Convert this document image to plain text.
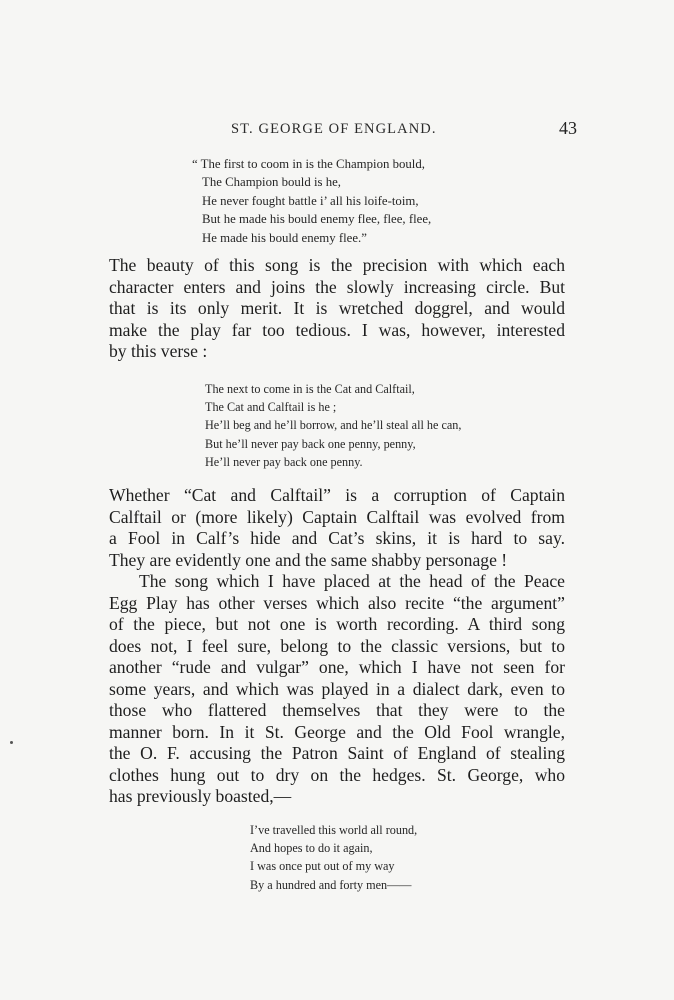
ST. GEORGE OF ENGLAND.	43
“ The first to coom in is the Champion bould,
The Champion bould is he,
He never fought battle i’ all his loife-toim,
But he made his bould enemy flee, flee, flee,
He made his bould enemy flee.”
The beauty of this song is the precision with which each
character enters and joins the slowly increasing circle. But
that is its only merit. It is wretched doggrel, and would
make the play far too tedious. I was, however, interested
by this verse :
The next to come in is the Cat and Calftail,
The Cat and Calftail is he ;
He’ll beg and he’ll borrow, and he’ll steal all he can,
But he’ll never pay back one penny, penny,
He’ll never pay back one penny.
Whether “Cat and Calftail” is a corruption of Captain
Calftail or (more likely) Captain Calftail was evolved from
a Fool in Calf’s hide and Cat’s skins, it is hard to say.
They are evidently one and the same shabby personage !
The song which I have placed at the head of the Peace
Egg Play has other verses which also recite “the argument”
of the piece, but not one is worth recording. A third song
does not, I feel sure, belong to the classic versions, but to
another “rude and vulgar” one, which I have not seen for
some years, and which was played in a dialect dark, even to
those who flattered themselves that they were to the
manner born. In it St. George and the Old Fool wrangle,
the O. F. accusing the Patron Saint of England of stealing
clothes hung out to dry on the hedges. St. George, who
has previously boasted,—
I’ve travelled this world all round,
And hopes to do it again,
I was once put out of my way
By a hundred and forty men——
